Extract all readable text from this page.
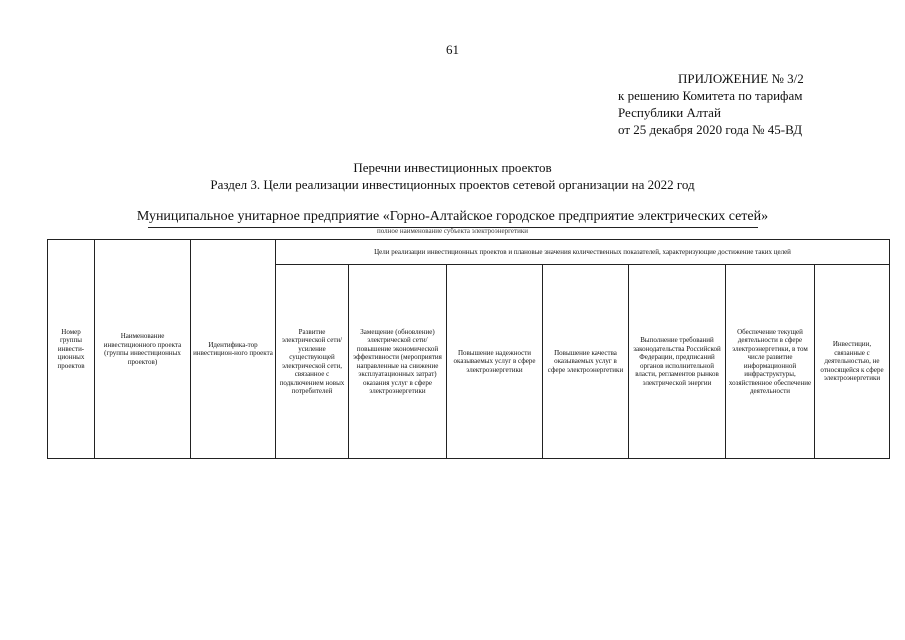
61
ПРИЛОЖЕНИЕ № 3/2
к решению Комитета по тарифам
Республики Алтай
от 25 декабря 2020 года № 45-ВД
Перечни инвестиционных проектов
Раздел 3. Цели реализации инвестиционных проектов сетевой организации на 2022 год
Муниципальное унитарное предприятие «Горно-Алтайское городское предприятие электрических сетей»
полное наименование субъекта электроэнергетики
Номер группы инвести-ционных проектов	Наименование инвестиционного проекта (группы инвестиционных проектов)	Идентифика-тор инвестицион-ного проекта	Цели реализации инвестиционных проектов и плановые значения количественных показателей, характеризующие достижение таких целей						
			Развитие электрической сети/усиление существующей электрической сети, связанное с подключением новых потребителей	Замещение (обновление) электрической сети/повышение экономической эффективности (мероприятия направленные на снижение эксплуатационных затрат) оказания услуг в сфере электроэнергетики	Повышение надежности оказываемых услуг в сфере электроэнергетики	Повышение качества оказываемых услуг в сфере электроэнергетики	Выполнение требований законодательства Российской Федерации, предписаний органов исполнительной власти, регламентов рынков электрической энергии	Обеспечение текущей деятельности в сфере электроэнергетики, в том числе развитие информационной инфраструктуры, хозяйственное обеспечение деятельности	Инвестиции, связанные с деятельностью, не относящейся к сфере электроэнергетики
